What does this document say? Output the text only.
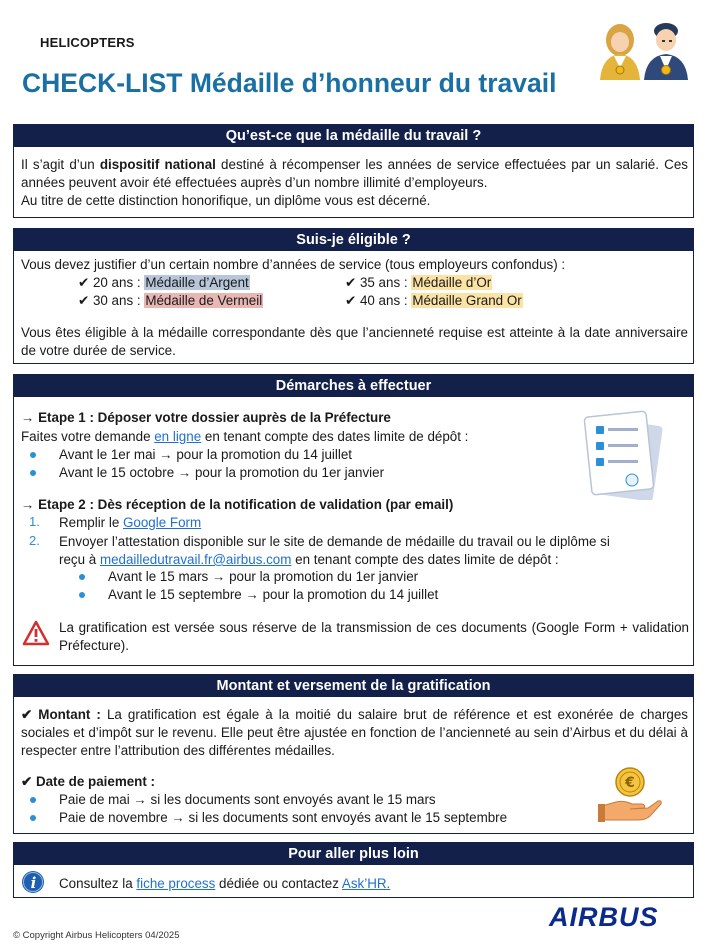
HELICOPTERS
CHECK-LIST Médaille d’honneur du travail
Qu’est-ce que la médaille du travail ?
Il s’agit d’un dispositif national destiné à récompenser les années de service effectuées par un salarié. Ces années peuvent avoir été effectuées auprès d’un nombre illimité d’employeurs.
Au titre de cette distinction honorifique, un diplôme vous est décerné.
Suis-je éligible ?
Vous devez justifier d’un certain nombre d’années de service (tous employeurs confondus) :
✔ 20 ans : Médaille d’Argent	✔ 35 ans : Médaille d’Or
✔ 30 ans : Médaille de Vermeil	✔ 40 ans : Médaille Grand Or
Vous êtes éligible à la médaille correspondante dès que l’ancienneté requise est atteinte à la date anniversaire de votre durée de service.
Démarches à effectuer
→ Etape 1 : Déposer votre dossier auprès de la Préfecture
Faites votre demande en ligne en tenant compte des dates limite de dépôt :
Avant le 1er mai → pour la promotion du 14 juillet
Avant le 15 octobre → pour la promotion du 1er janvier
→ Etape 2 : Dès réception de la notification de validation (par email)
1. Remplir le Google Form
2. Envoyer l’attestation disponible sur le site de demande de médaille du travail ou le diplôme si
reçu à medailledutravail.fr@airbus.com en tenant compte des dates limite de dépôt :
Avant le 15 mars → pour la promotion du 1er janvier
Avant le 15 septembre → pour la promotion du 14 juillet
La gratification est versée sous réserve de la transmission de ces documents (Google Form + validation Préfecture).
Montant et versement de la gratification
✔ Montant : La gratification est égale à la moitié du salaire brut de référence et est exonérée de charges sociales et d’impôt sur le revenu. Elle peut être ajustée en fonction de l’ancienneté au sein d’Airbus et du délai à respecter entre l’attribution des différentes médailles.
✔ Date de paiement :
Paie de mai → si les documents sont envoyés avant le 15 mars
Paie de novembre → si les documents sont envoyés avant le 15 septembre
€
Pour aller plus loin
i Consultez la fiche process dédiée ou contactez Ask’HR.
© Copyright Airbus Helicopters 04/2025
AIRBUS
